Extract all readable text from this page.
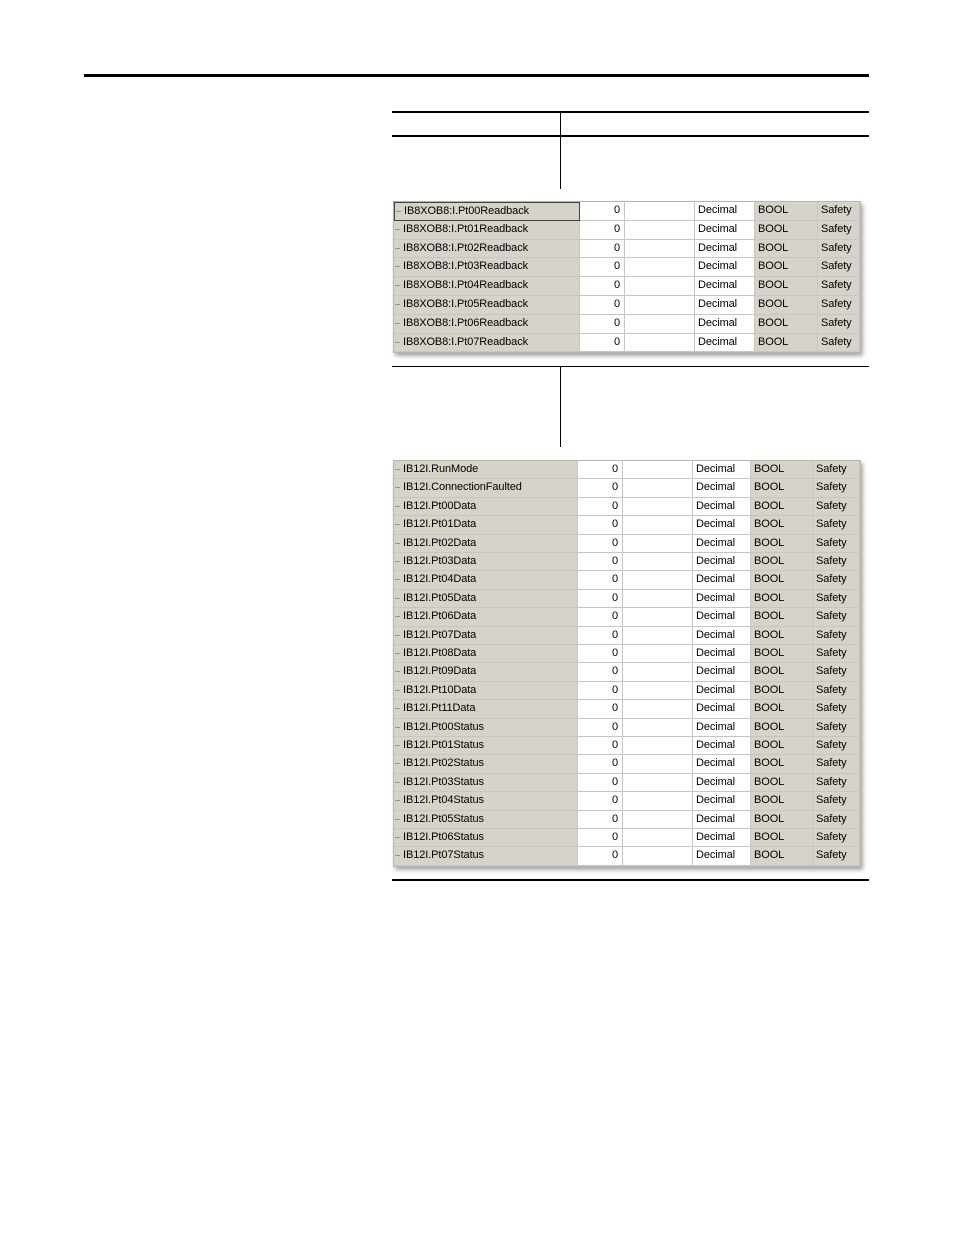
IB8XOB8:I.Pt00Readback	0	Decimal	BOOL	Safety
IB8XOB8:I.Pt01Readback	0	Decimal	BOOL	Safety
IB8XOB8:I.Pt02Readback	0	Decimal	BOOL	Safety
IB8XOB8:I.Pt03Readback	0	Decimal	BOOL	Safety
IB8XOB8:I.Pt04Readback	0	Decimal	BOOL	Safety
IB8XOB8:I.Pt05Readback	0	Decimal	BOOL	Safety
IB8XOB8:I.Pt06Readback	0	Decimal	BOOL	Safety
IB8XOB8:I.Pt07Readback	0	Decimal	BOOL	Safety
IB12I.RunMode	0	Decimal	BOOL	Safety
IB12I.ConnectionFaulted	0	Decimal	BOOL	Safety
IB12I.Pt00Data	0	Decimal	BOOL	Safety
IB12I.Pt01Data	0	Decimal	BOOL	Safety
IB12I.Pt02Data	0	Decimal	BOOL	Safety
IB12I.Pt03Data	0	Decimal	BOOL	Safety
IB12I.Pt04Data	0	Decimal	BOOL	Safety
IB12I.Pt05Data	0	Decimal	BOOL	Safety
IB12I.Pt06Data	0	Decimal	BOOL	Safety
IB12I.Pt07Data	0	Decimal	BOOL	Safety
IB12I.Pt08Data	0	Decimal	BOOL	Safety
IB12I.Pt09Data	0	Decimal	BOOL	Safety
IB12I.Pt10Data	0	Decimal	BOOL	Safety
IB12I.Pt11Data	0	Decimal	BOOL	Safety
IB12I.Pt00Status	0	Decimal	BOOL	Safety
IB12I.Pt01Status	0	Decimal	BOOL	Safety
IB12I.Pt02Status	0	Decimal	BOOL	Safety
IB12I.Pt03Status	0	Decimal	BOOL	Safety
IB12I.Pt04Status	0	Decimal	BOOL	Safety
IB12I.Pt05Status	0	Decimal	BOOL	Safety
IB12I.Pt06Status	0	Decimal	BOOL	Safety
IB12I.Pt07Status	0	Decimal	BOOL	Safety
